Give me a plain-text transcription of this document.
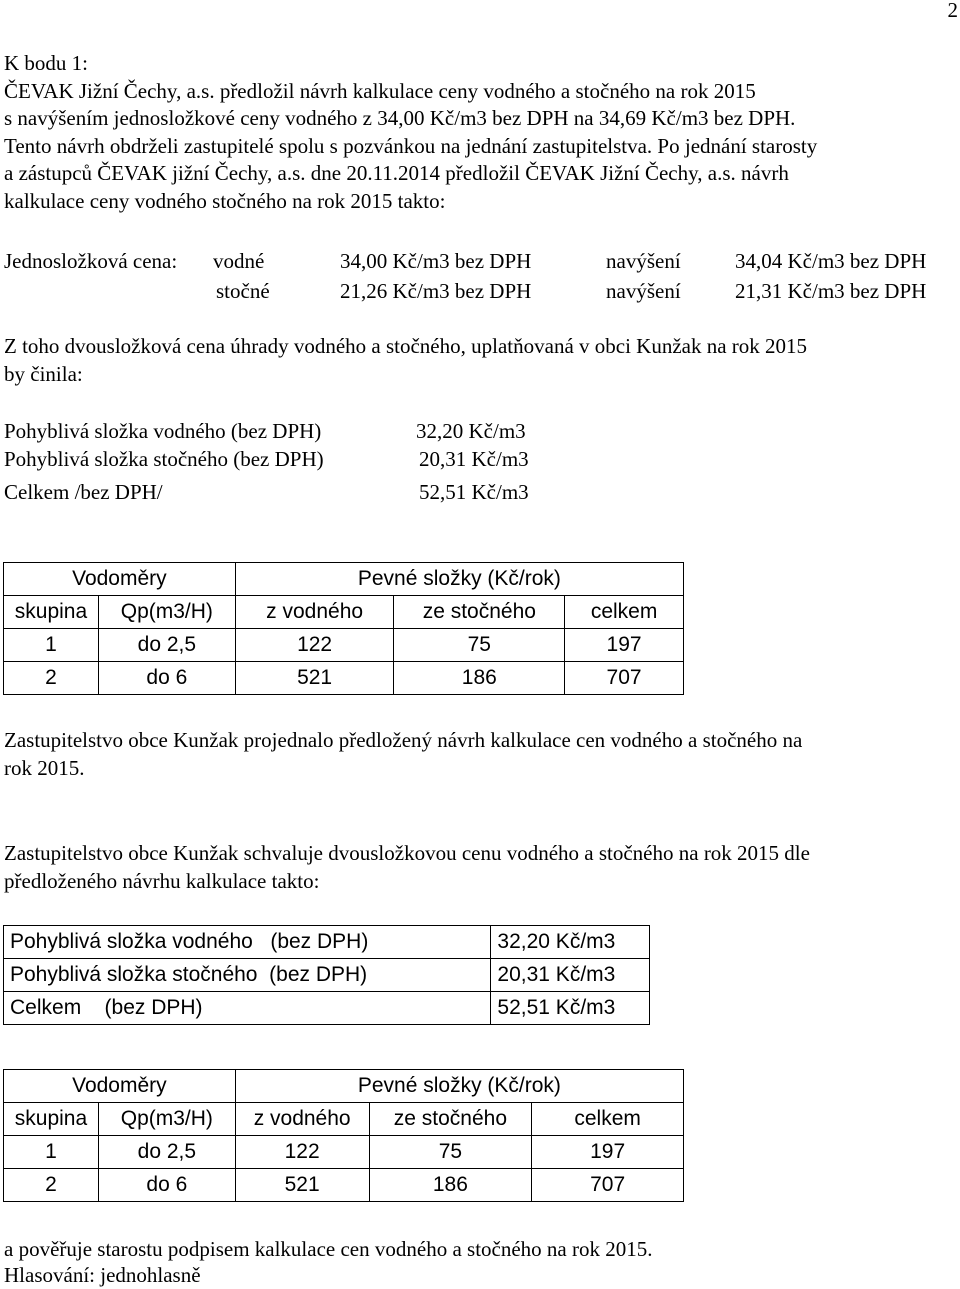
2
K bodu 1:
ČEVAK Jižní Čechy, a.s. předložil návrh kalkulace ceny vodného a stočného na rok 2015
s navýšením jednosložkové ceny vodného z 34,00 Kč/m3 bez DPH na 34,69 Kč/m3 bez DPH.
Tento návrh obdrželi zastupitelé spolu s pozvánkou na jednání zastupitelstva. Po jednání starosty
a zástupců ČEVAK jižní Čechy, a.s. dne 20.11.2014 předložil ČEVAK Jižní Čechy, a.s. návrh
kalkulace ceny vodného stočného na rok 2015 takto:
Jednosložková cena: vodné	34,00 Kč/m3 bez DPH	navýšení	34,04 Kč/m3 bez DPH
stočné	21,26 Kč/m3 bez DPH	navýšení	21,31 Kč/m3 bez DPH
Z toho dvousložková cena úhrady vodného a stočného, uplatňovaná v obci Kunžak na rok 2015
by činila:
Pohyblivá složka vodného (bez DPH)	32,20 Kč/m3
Pohyblivá složka stočného (bez DPH)	20,31 Kč/m3
Celkem /bez DPH/	52,51 Kč/m3
Vodoměry		Pevné složky (Kč/rok)		
skupina	Qp(m3/H)	z vodného	ze stočného	celkem
1	do 2,5	122	75	197
2	do 6	521	186	707
Zastupitelstvo obce Kunžak projednalo předložený návrh kalkulace cen vodného a stočného na
rok 2015.
Zastupitelstvo obce Kunžak schvaluje dvousložkovou cenu vodného a stočného na rok 2015 dle
předloženého návrhu kalkulace takto:
Pohyblivá složka vodného   (bez DPH)	32,20 Kč/m3
Pohyblivá složka stočného  (bez DPH)	20,31 Kč/m3
Celkem    (bez DPH)	52,51 Kč/m3
Vodoměry		Pevné složky (Kč/rok)		
skupina	Qp(m3/H)	z vodného	ze stočného	celkem
1	do 2,5	122	75	197
2	do 6	521	186	707
a pověřuje starostu podpisem kalkulace cen vodného a stočného na rok 2015.
Hlasování: jednohlasně
